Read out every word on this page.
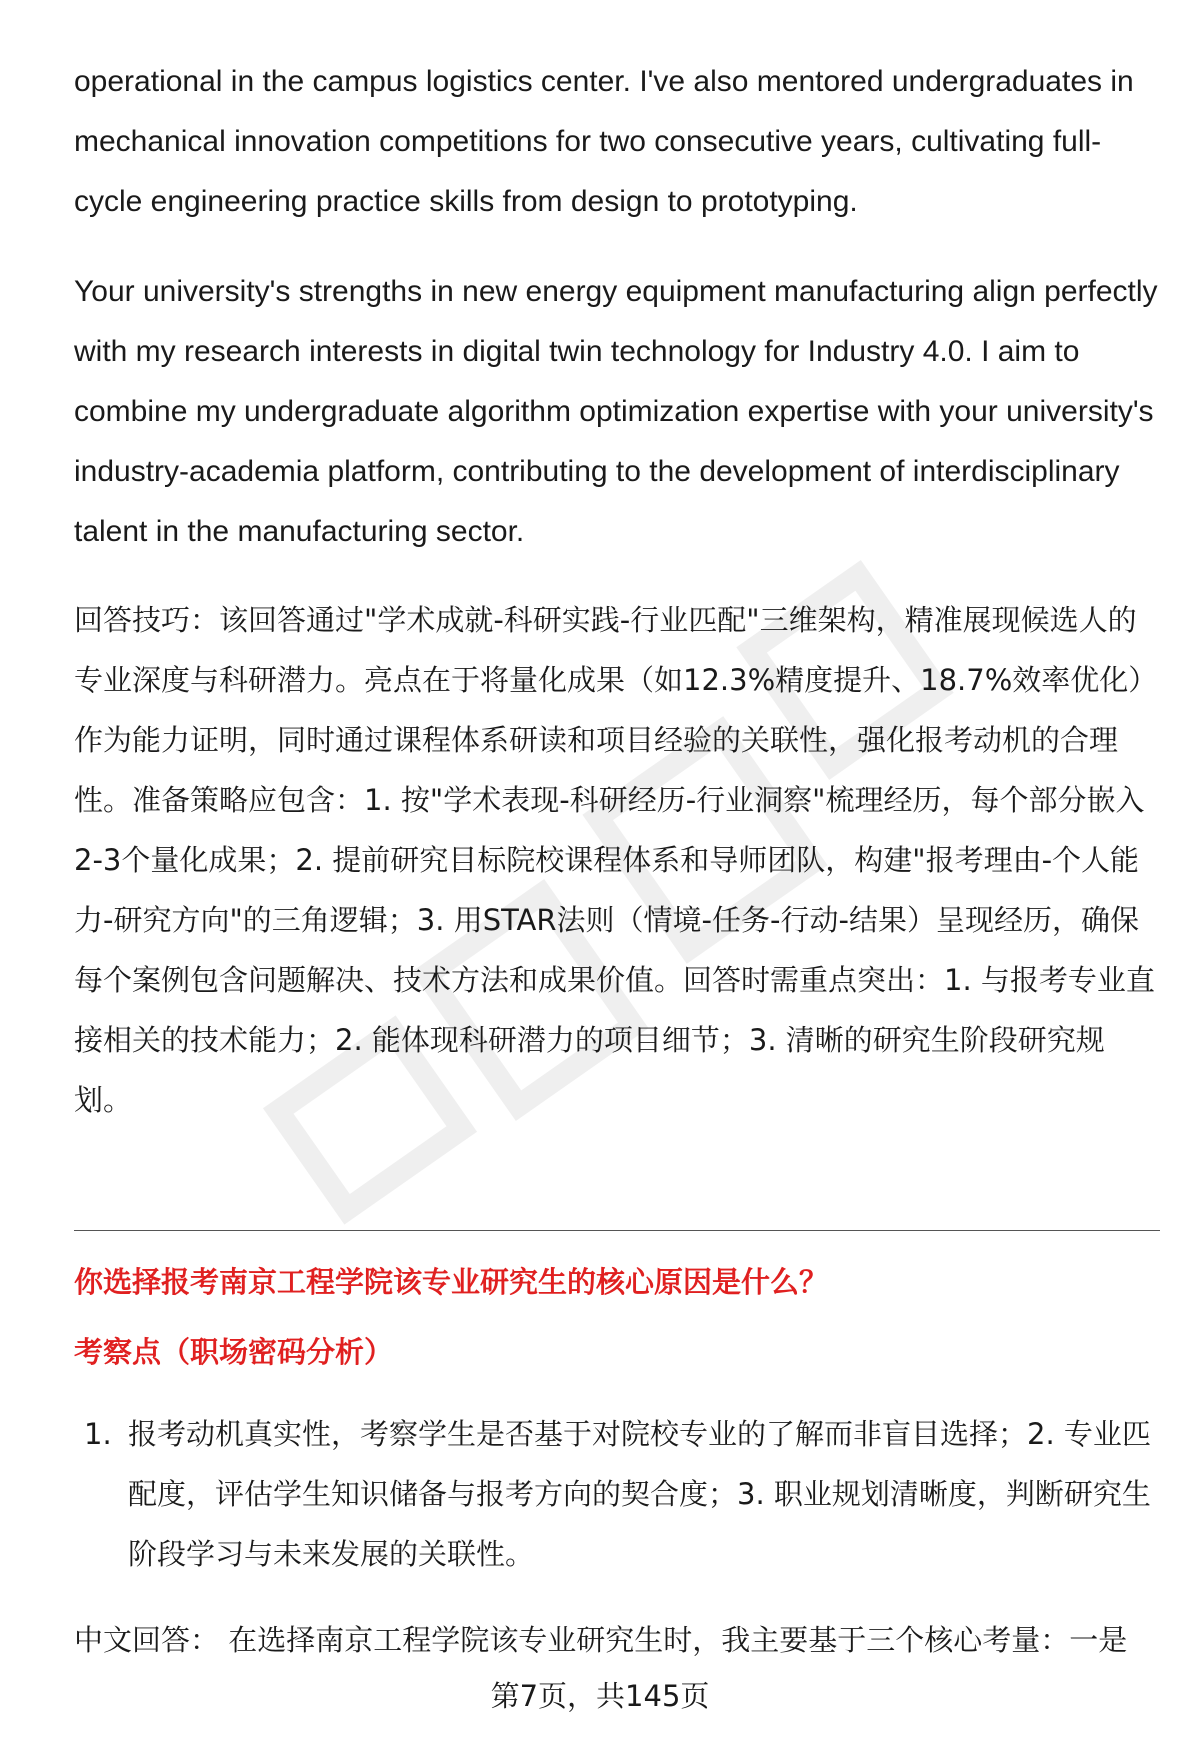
operational in the campus logistics center. I've also mentored undergraduates in mechanical innovation competitions for two consecutive years, cultivating full-cycle engineering practice skills from design to prototyping.

Your university's strengths in new energy equipment manufacturing align perfectly with my research interests in digital twin technology for Industry 4.0. I aim to combine my undergraduate algorithm optimization expertise with your university's industry-academia platform, contributing to the development of interdisciplinary talent in the manufacturing sector.

回答技巧：该回答通过"学术成就-科研实践-行业匹配"三维架构，精准展现候选人的专业深度与科研潜力。亮点在于将量化成果（如12.3%精度提升、18.7%效率优化）作为能力证明，同时通过课程体系研读和项目经验的关联性，强化报考动机的合理性。准备策略应包含：1. 按"学术表现-科研经历-行业洞察"梳理经历，每个部分嵌入2-3个量化成果；2. 提前研究目标院校课程体系和导师团队，构建"报考理由-个人能力-研究方向"的三角逻辑；3. 用STAR法则（情境-任务-行动-结果）呈现经历，确保每个案例包含问题解决、技术方法和成果价值。回答时需重点突出：1. 与报考专业直接相关的技术能力；2. 能体现科研潜力的项目细节；3. 清晰的研究生阶段研究规划。

你选择报考南京工程学院该专业研究生的核心原因是什么？

考察点（职场密码分析）

1. 报考动机真实性，考察学生是否基于对院校专业的了解而非盲目选择；2. 专业匹配度，评估学生知识储备与报考方向的契合度；3. 职业规划清晰度，判断研究生阶段学习与未来发展的关联性。

中文回答： 在选择南京工程学院该专业研究生时，我主要基于三个核心考量：一是

第7页，共145页
